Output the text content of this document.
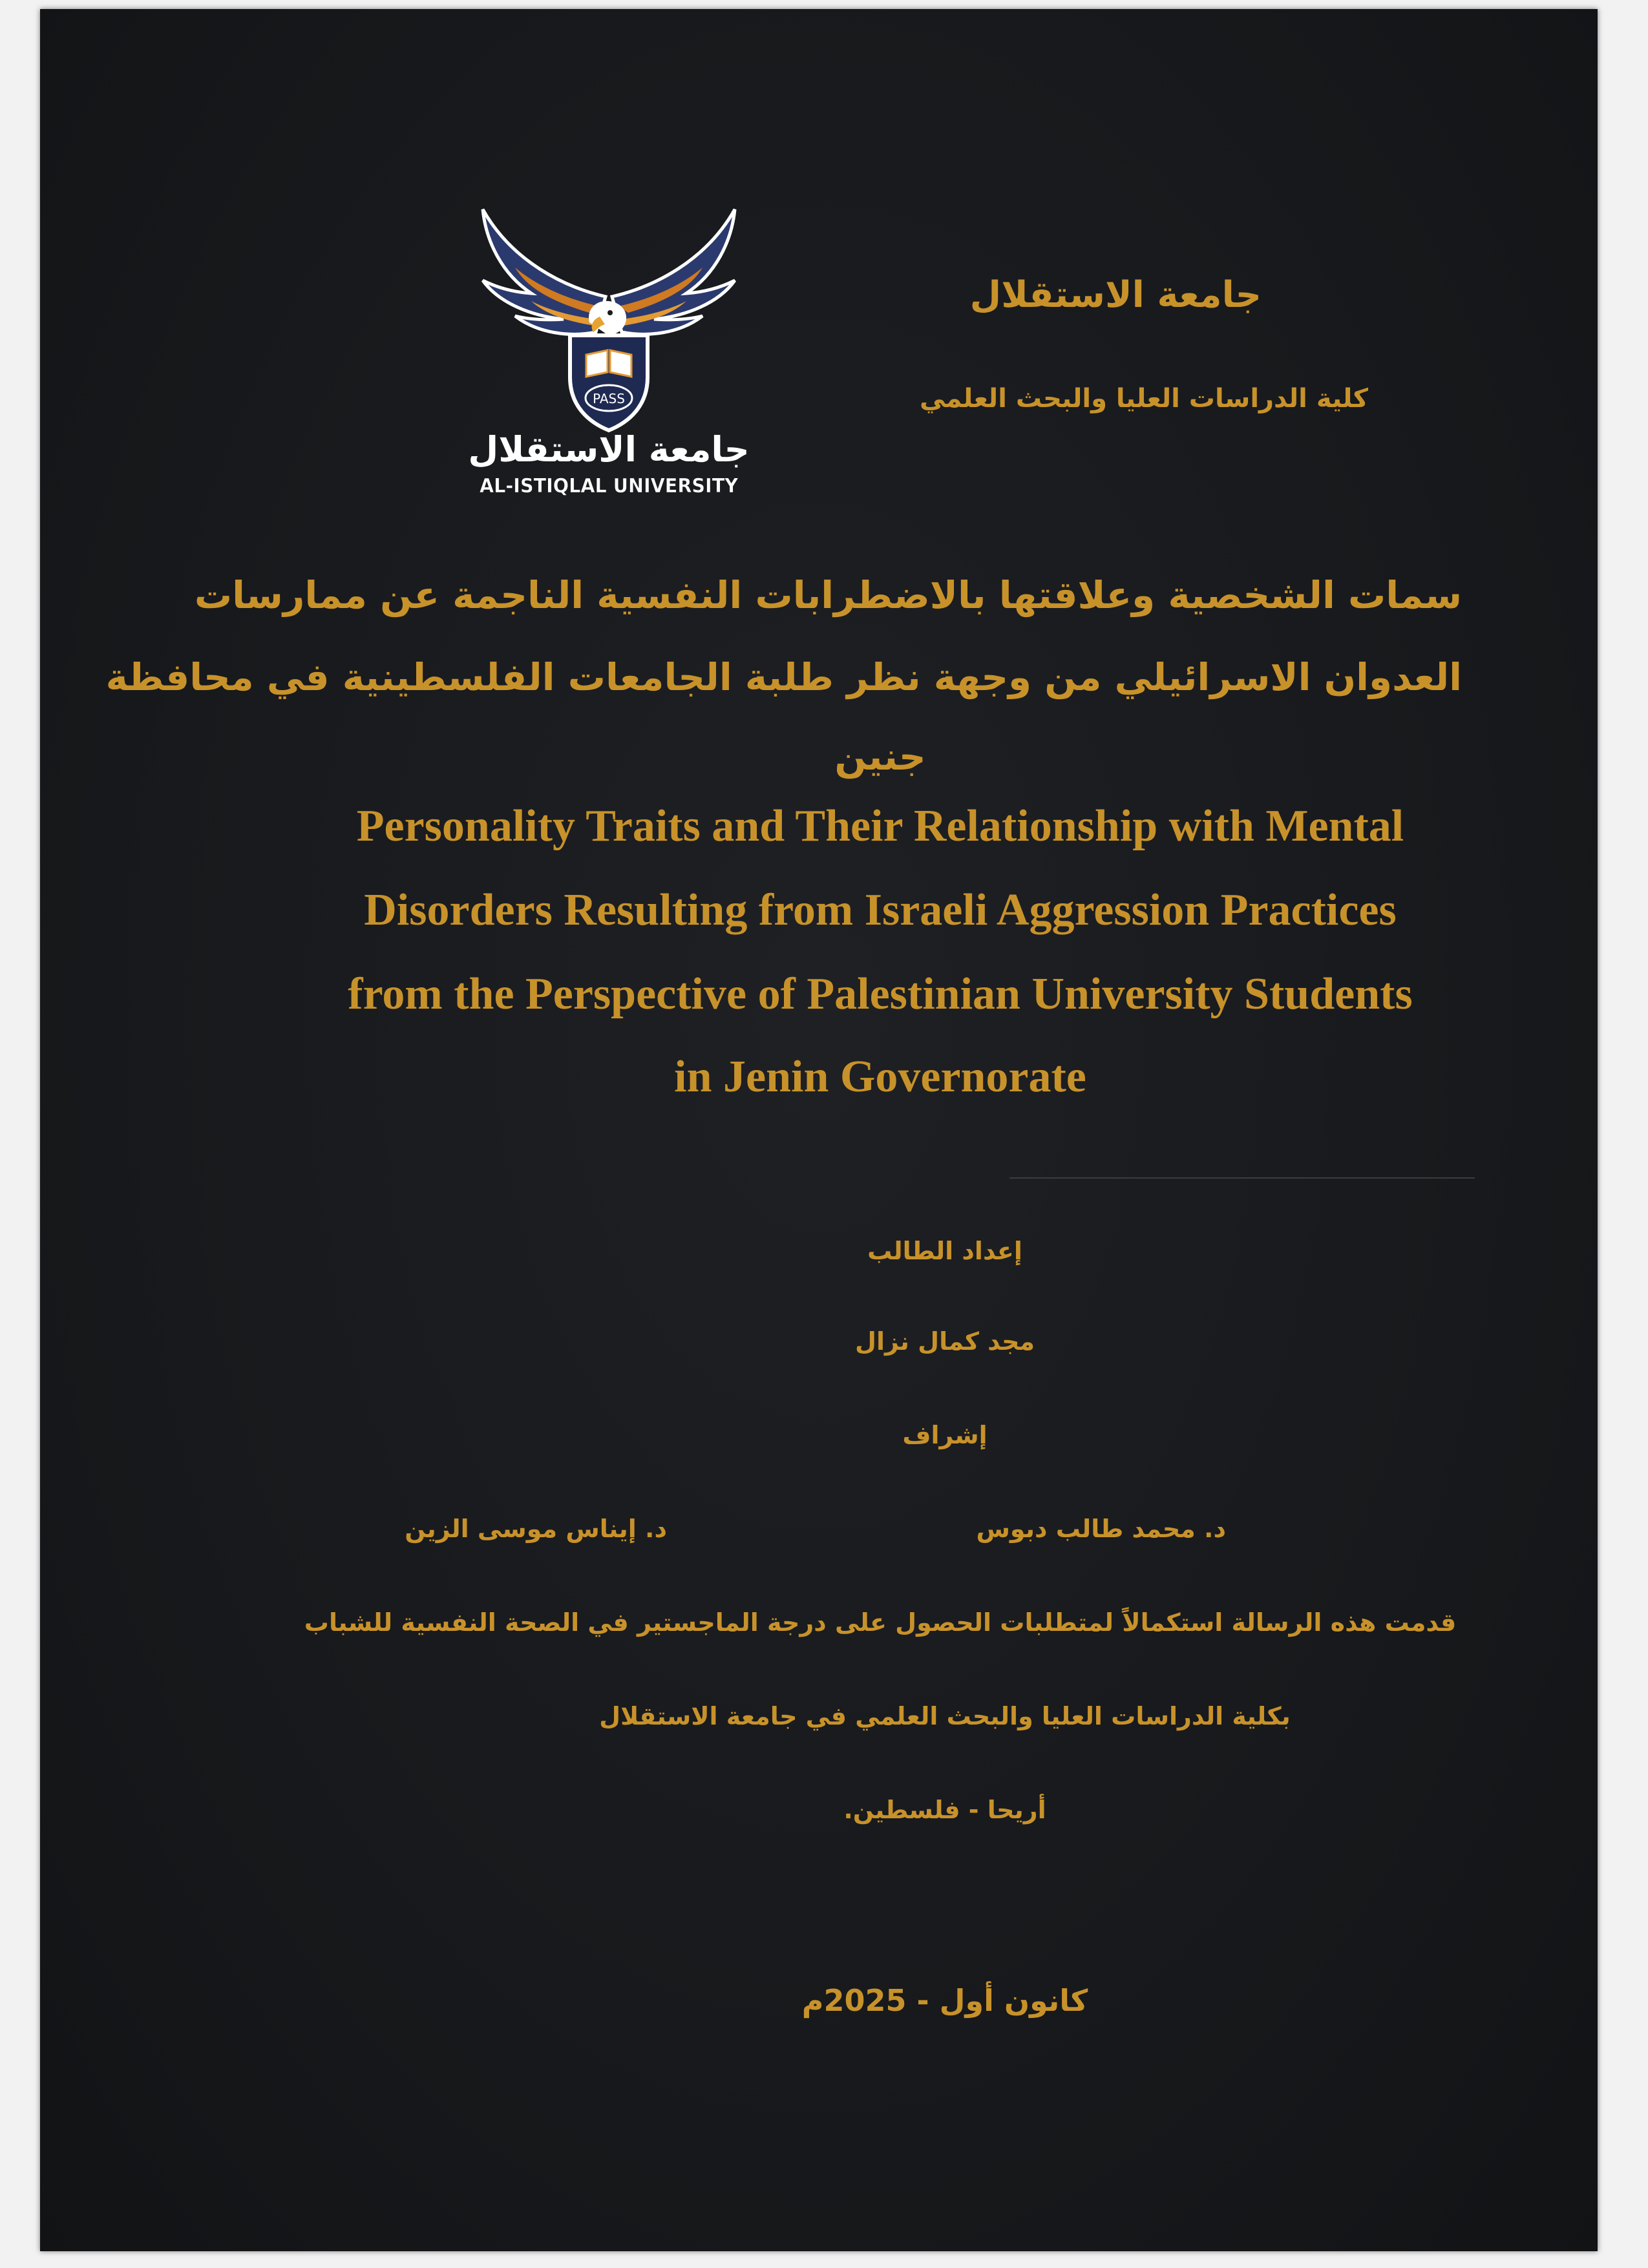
PASS
جامعة الاستقلال
AL-ISTIQLAL UNIVERSITY
جامعة الاستقلال
كلية الدراسات العليا والبحث العلمي
سمات الشخصية وعلاقتها بالاضطرابات النفسية الناجمة عن ممارسات
العدوان الاسرائيلي من وجهة نظر طلبة الجامعات الفلسطينية في محافظة
جنين
Personality Traits and Their Relationship with Mental
Disorders Resulting from Israeli Aggression Practices
from the Perspective of Palestinian University Students
in Jenin Governorate
إعداد الطالب
مجد كمال نزال
إشراف
د. محمد طالب دبوس
د. إيناس موسى الزين
قدمت هذه الرسالة استكمالاً لمتطلبات الحصول على درجة الماجستير في الصحة النفسية للشباب
بكلية الدراسات العليا والبحث العلمي في جامعة الاستقلال
أريحا - فلسطين.
كانون أول - 2025م
